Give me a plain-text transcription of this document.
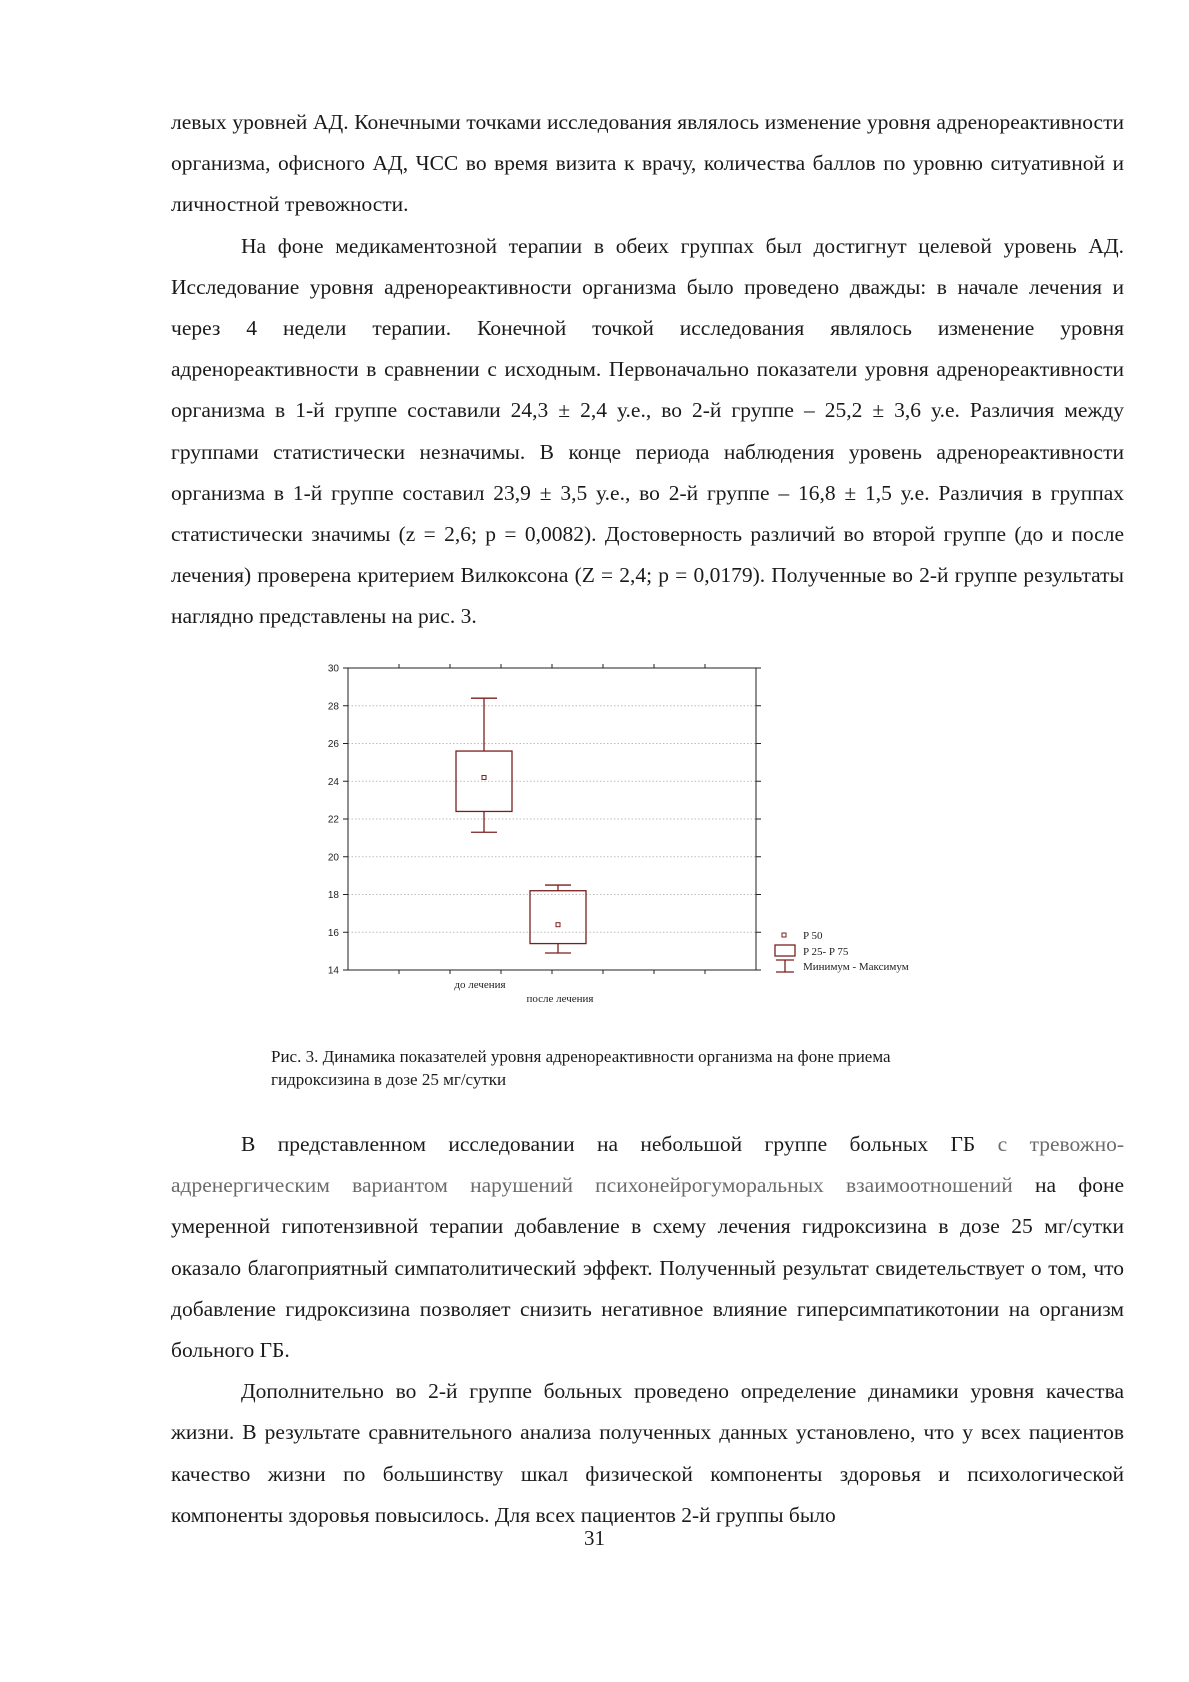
левых уровней АД. Конечными точками исследования являлось изменение уровня адренореактивности организма, офисного АД, ЧСС во время визита к врачу, количества баллов по уровню ситуативной и личностной тревожности.

На фоне медикаментозной терапии в обеих группах был достигнут целевой уровень АД. Исследование уровня адренореактивности организма было проведено дважды: в начале лечения и через 4 недели терапии. Конечной точкой исследования являлось изменение уровня адренореактивности в сравнении с исходным. Первоначально показатели уровня адренореактивности организма в 1-й группе составили 24,3 ± 2,4 у.е., во 2-й группе – 25,2 ± 3,6 у.е. Различия между группами статистически незначимы. В конце периода наблюдения уровень адренореактивности организма в 1-й группе составил 23,9 ± 3,5 у.е., во 2-й группе – 16,8 ± 1,5 у.е. Различия в группах статистически значимы (z = 2,6; p = 0,0082). Достоверность различий во второй группе (до и после лечения) проверена критерием Вилкоксона (Z = 2,4; p = 0,0179). Полученные во 2-й группе результаты наглядно представлены на рис. 3.

14
16
18
20
22
24
26
28
30
до лечения
после лечения
P 50
P 25- P 75
Минимум - Максимум
Рис. 3. Динамика показателей уровня адренореактивности организма на фоне приема
гидроксизина в дозе 25 мг/сутки

В представленном исследовании на небольшой группе больных ГБ с тревожно-адренергическим вариантом нарушений психонейрогуморальных взаимоотношений на фоне умеренной гипотензивной терапии добавление в схему лечения гидроксизина в дозе 25 мг/сутки оказало благоприятный симпатолитический эффект. Полученный результат свидетельствует о том, что добавление гидроксизина позволяет снизить негативное влияние гиперсимпатикотонии на организм больного ГБ.

Дополнительно во 2-й группе больных проведено определение динамики уровня качества жизни. В результате сравнительного анализа полученных данных установлено, что у всех пациентов качество жизни по большинству шкал физической компоненты здоровья и психологической компоненты здоровья повысилось. Для всех пациентов 2-й группы было

31
